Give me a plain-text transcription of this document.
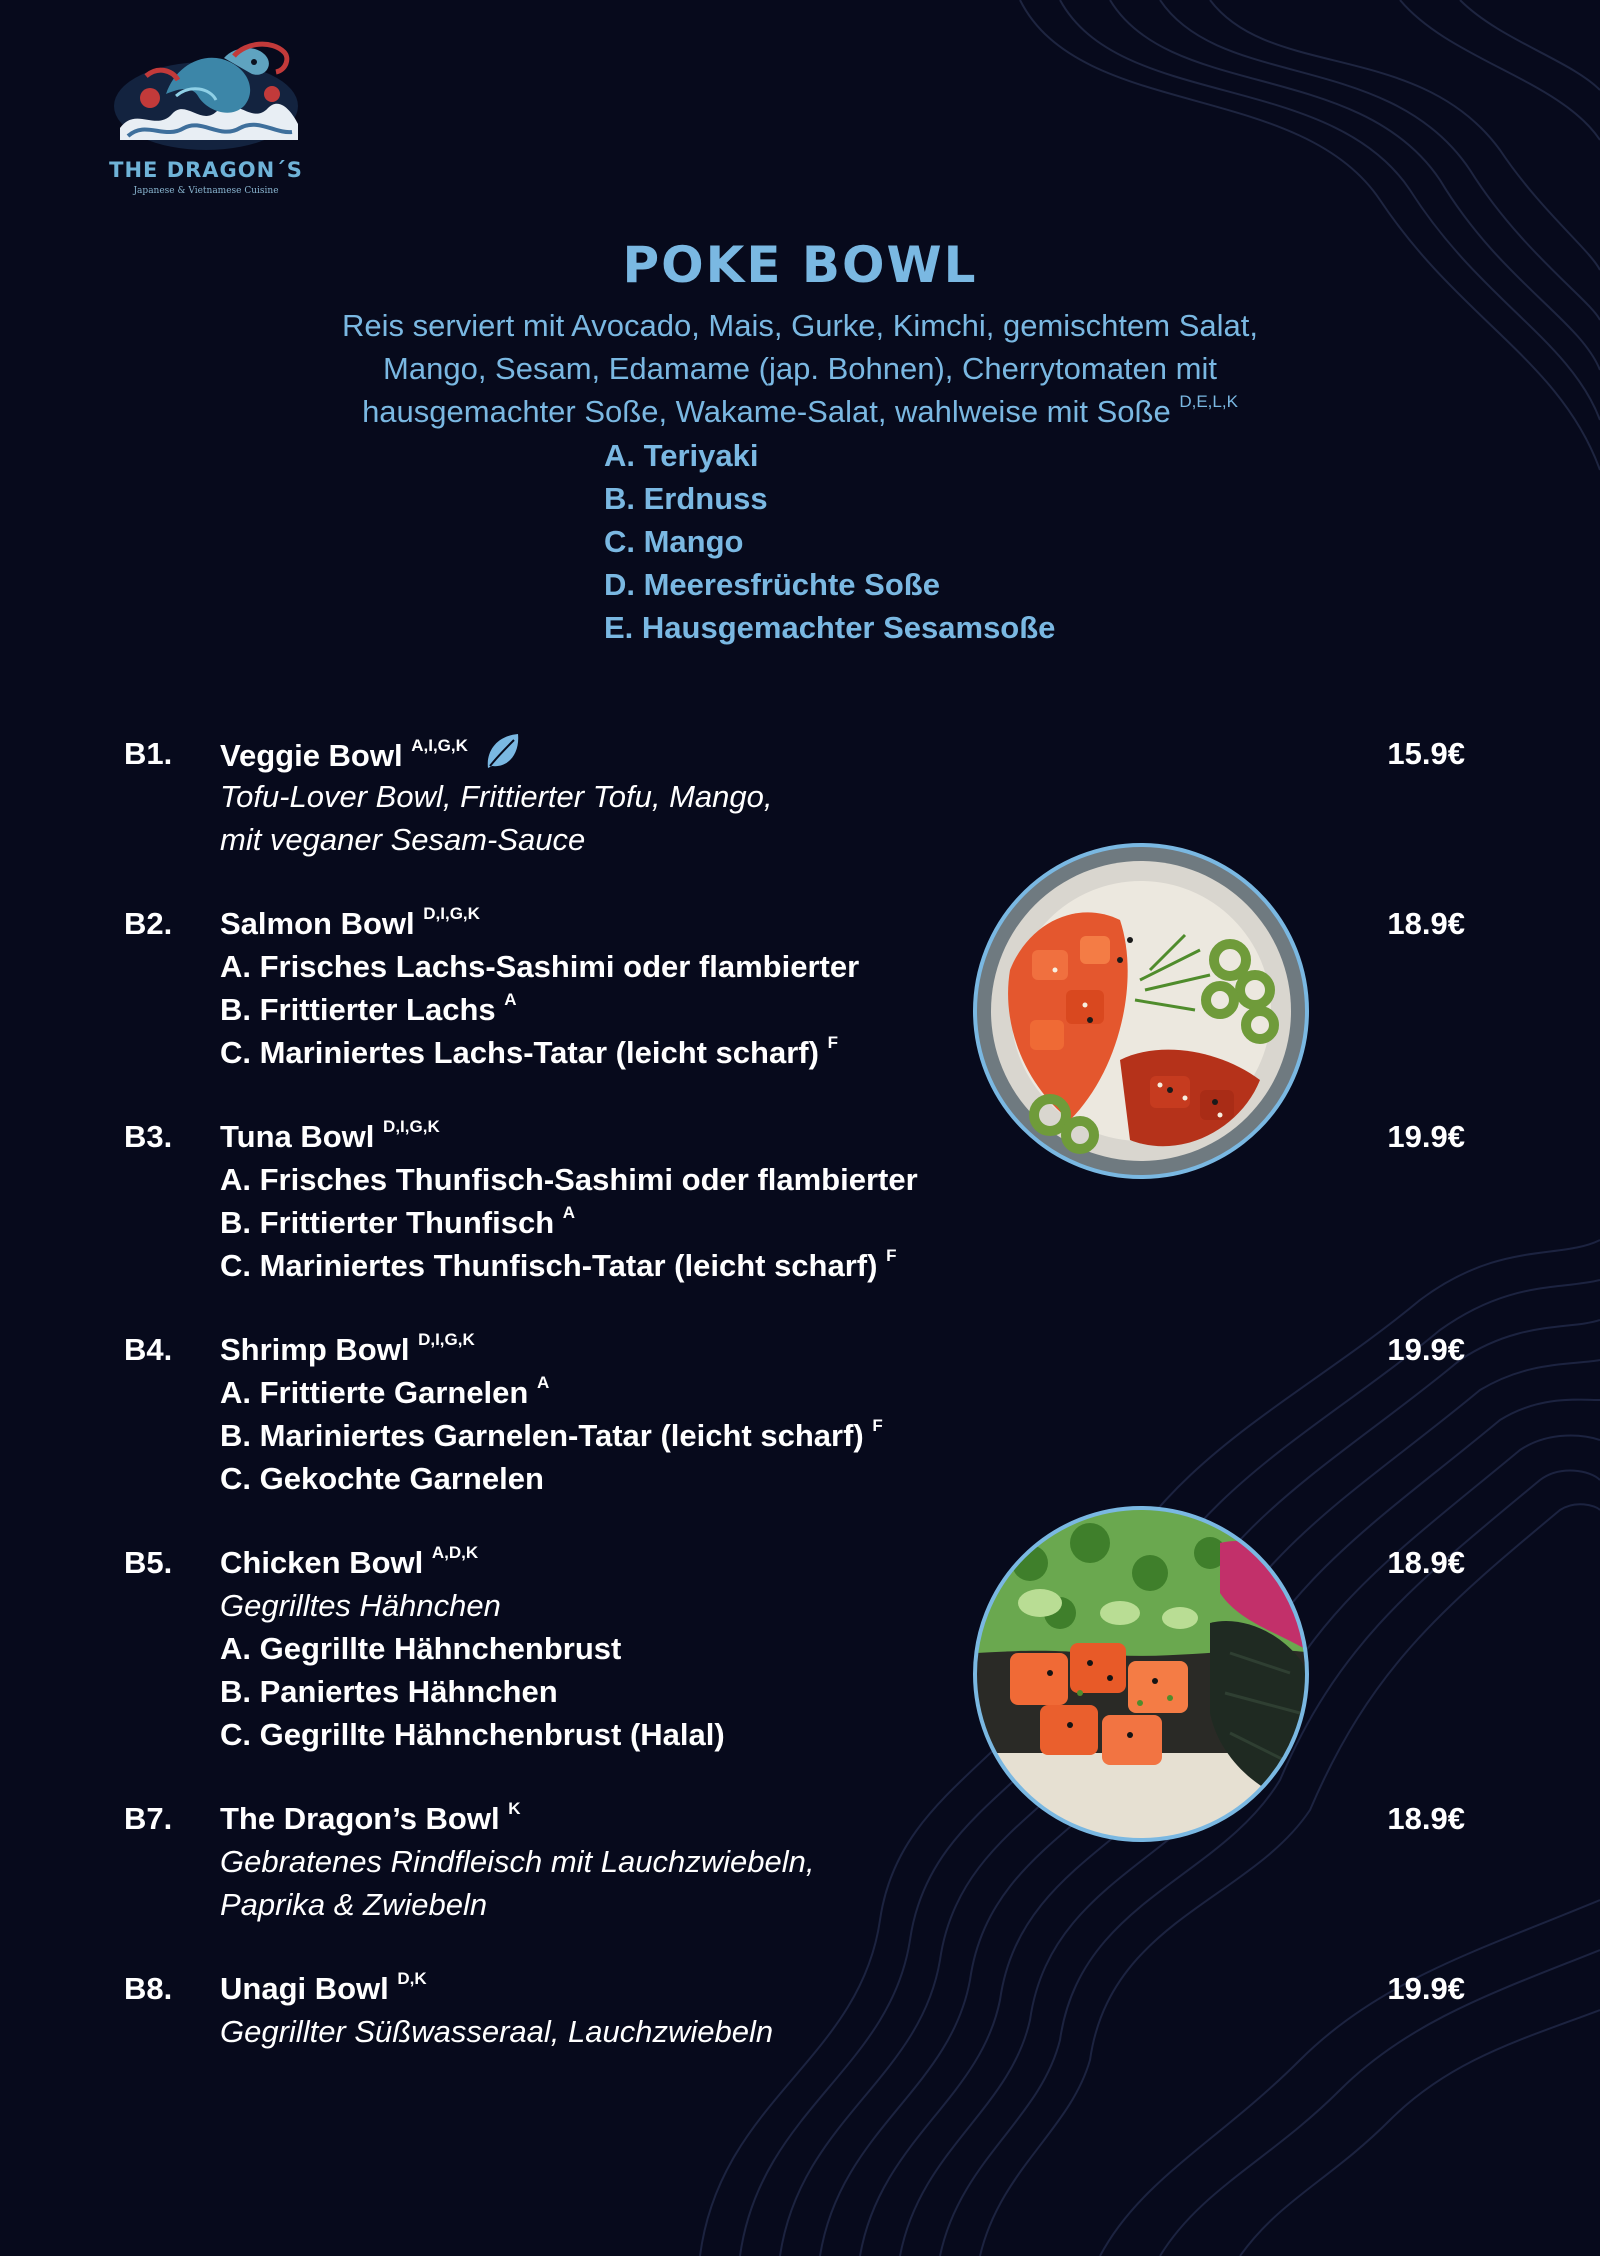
THE DRAGON´S
Japanese & Vietnamese Cuisine
POKE BOWL
Reis serviert mit Avocado, Mais, Gurke, Kimchi, gemischtem Salat,
Mango, Sesam, Edamame (jap. Bohnen), Cherrytomaten mit
hausgemachter Soße, Wakame-Salat, wahlweise mit Soße $^{D,E,L,K}$
A. Teriyaki
B. Erdnuss
C. Mango
D. Meeresfrüchte Soße
E. Hausgemachter Sesamsoße
B1. Veggie Bowl $^{A,I,G,K}$	15.9€
Tofu-Lover Bowl, Frittierter Tofu, Mango,
mit veganer Sesam-Sauce
B2. Salmon Bowl $^{D,I,G,K}$	18.9€
A. Frisches Lachs-Sashimi oder flambierter
B. Frittierter Lachs $^A$
C. Mariniertes Lachs-Tatar (leicht scharf) $^F$
B3. Tuna Bowl $^{D,I,G,K}$	19.9€
A. Frisches Thunfisch-Sashimi oder flambierter
B. Frittierter Thunfisch $^A$
C. Mariniertes Thunfisch-Tatar (leicht scharf) $^F$
B4. Shrimp Bowl $^{D,I,G,K}$	19.9€
A. Frittierte Garnelen $^A$
B. Mariniertes Garnelen-Tatar (leicht scharf) $^F$
C. Gekochte Garnelen
B5. Chicken Bowl $^{A,D,K}$	18.9€
Gegrilltes Hähnchen
A. Gegrillte Hähnchenbrust
B. Paniertes Hähnchen
C. Gegrillte Hähnchenbrust (Halal)
B7. The Dragon’s Bowl $^K$	18.9€
Gebratenes Rindfleisch mit Lauchzwiebeln,
Paprika & Zwiebeln
B8. Unagi Bowl $^{D,K}$	19.9€
Gegrillter Süßwasseraal, Lauchzwiebeln
